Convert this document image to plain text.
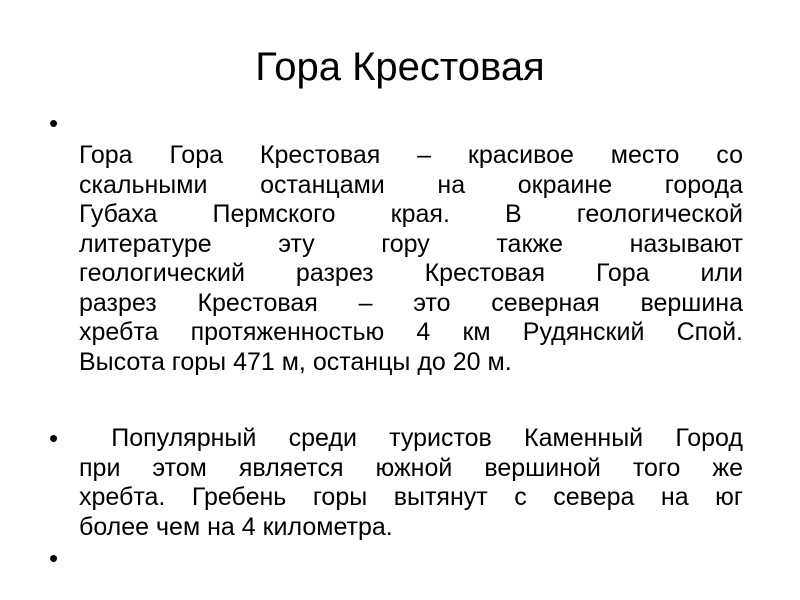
Гора Крестовая
•
Гора Гора Крестовая – красивое место со
скальными останцами на окраине города
Губаха Пермского края. В геологической
литературе эту гору также называют
геологический разрез Крестовая Гора или
разрез Крестовая – это северная вершина
хребта протяженностью 4 км Рудянский Спой.
Высота горы 471 м, останцы до 20 м.
• Популярный среди туристов Каменный Город
при этом является южной вершиной того же
хребта. Гребень горы вытянут с севера на юг
более чем на 4 километра.
•
